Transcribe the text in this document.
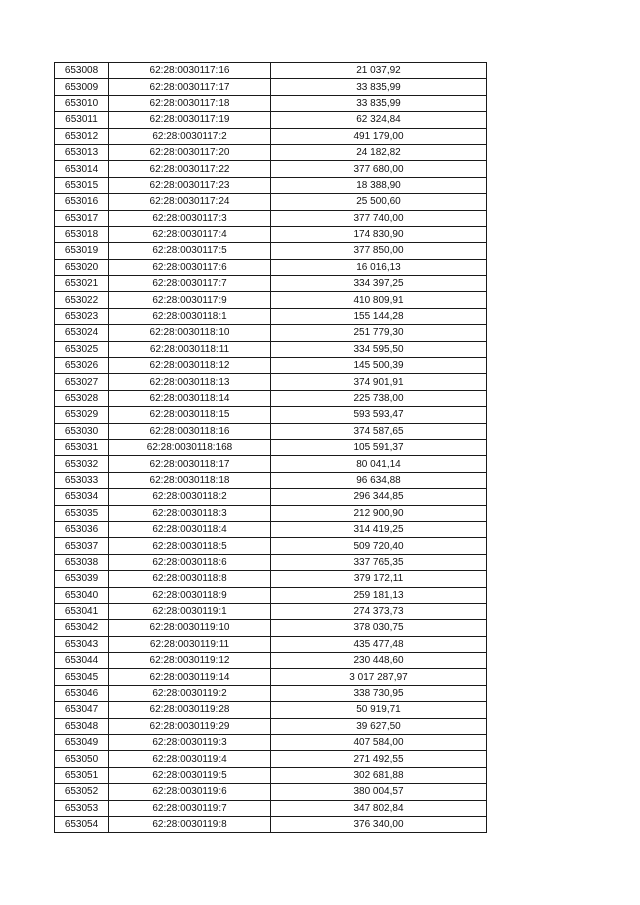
653008	62:28:0030117:16	21 037,92
653009	62:28:0030117:17	33 835,99
653010	62:28:0030117:18	33 835,99
653011	62:28:0030117:19	62 324,84
653012	62:28:0030117:2	491 179,00
653013	62:28:0030117:20	24 182,82
653014	62:28:0030117:22	377 680,00
653015	62:28:0030117:23	18 388,90
653016	62:28:0030117:24	25 500,60
653017	62:28:0030117:3	377 740,00
653018	62:28:0030117:4	174 830,90
653019	62:28:0030117:5	377 850,00
653020	62:28:0030117:6	16 016,13
653021	62:28:0030117:7	334 397,25
653022	62:28:0030117:9	410 809,91
653023	62:28:0030118:1	155 144,28
653024	62:28:0030118:10	251 779,30
653025	62:28:0030118:11	334 595,50
653026	62:28:0030118:12	145 500,39
653027	62:28:0030118:13	374 901,91
653028	62:28:0030118:14	225 738,00
653029	62:28:0030118:15	593 593,47
653030	62:28:0030118:16	374 587,65
653031	62:28:0030118:168	105 591,37
653032	62:28:0030118:17	80 041,14
653033	62:28:0030118:18	96 634,88
653034	62:28:0030118:2	296 344,85
653035	62:28:0030118:3	212 900,90
653036	62:28:0030118:4	314 419,25
653037	62:28:0030118:5	509 720,40
653038	62:28:0030118:6	337 765,35
653039	62:28:0030118:8	379 172,11
653040	62:28:0030118:9	259 181,13
653041	62:28:0030119:1	274 373,73
653042	62:28:0030119:10	378 030,75
653043	62:28:0030119:11	435 477,48
653044	62:28:0030119:12	230 448,60
653045	62:28:0030119:14	3 017 287,97
653046	62:28:0030119:2	338 730,95
653047	62:28:0030119:28	50 919,71
653048	62:28:0030119:29	39 627,50
653049	62:28:0030119:3	407 584,00
653050	62:28:0030119:4	271 492,55
653051	62:28:0030119:5	302 681,88
653052	62:28:0030119:6	380 004,57
653053	62:28:0030119:7	347 802,84
653054	62:28:0030119:8	376 340,00
